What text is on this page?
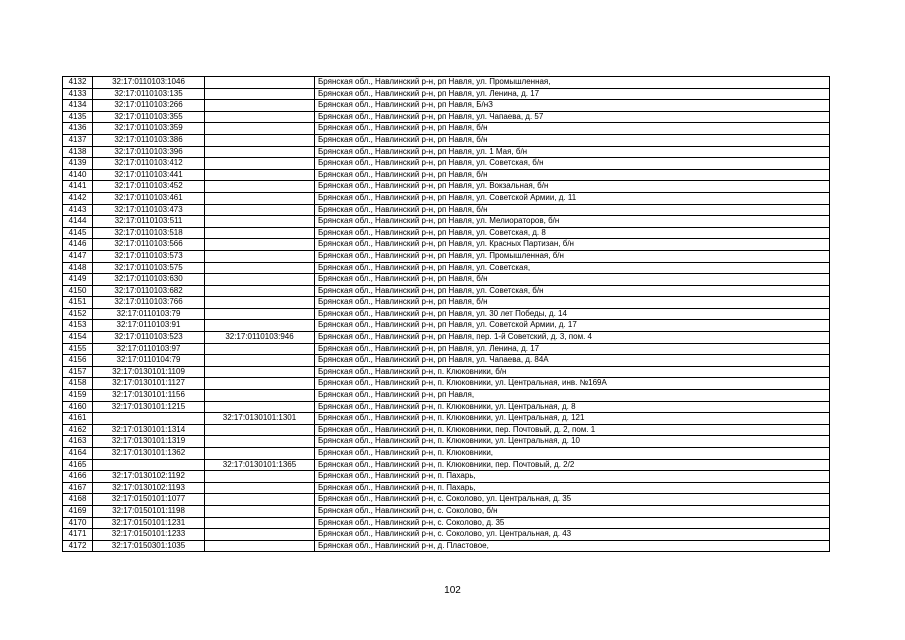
4132	32:17:0110103:1046		Брянская обл., Навлинский р-н, рп Навля, ул. Промышленная,
4133	32:17:0110103:135		Брянская обл., Навлинский р-н, рп Навля, ул. Ленина, д. 17
4134	32:17:0110103:266		Брянская обл., Навлинский р-н, рп Навля, Б/нЗ
4135	32:17:0110103:355		Брянская обл., Навлинский р-н, рп Навля, ул. Чапаева, д. 57
4136	32:17:0110103:359		Брянская обл., Навлинский р-н, рп Навля, б/н
4137	32:17:0110103:386		Брянская обл., Навлинский р-н, рп Навля, б/н
4138	32:17:0110103:396		Брянская обл., Навлинский р-н, рп Навля, ул. 1 Мая, б/н
4139	32:17:0110103:412		Брянская обл., Навлинский р-н, рп Навля, ул. Советская, б/н
4140	32:17:0110103:441		Брянская обл., Навлинский р-н, рп Навля, б/н
4141	32:17:0110103:452		Брянская обл., Навлинский р-н, рп Навля, ул. Вокзальная, б/н
4142	32:17:0110103:461		Брянская обл., Навлинский р-н, рп Навля, ул. Советской Армии, д. 11
4143	32:17:0110103:473		Брянская обл., Навлинский р-н, рп Навля, б/н
4144	32:17:0110103:511		Брянская обл., Навлинский р-н, рп Навля, ул. Мелиораторов, б/н
4145	32:17:0110103:518		Брянская обл., Навлинский р-н, рп Навля, ул. Советская, д. 8
4146	32:17:0110103:566		Брянская обл., Навлинский р-н, рп Навля, ул. Красных Партизан, б/н
4147	32:17:0110103:573		Брянская обл., Навлинский р-н, рп Навля, ул. Промышленная, б/н
4148	32:17:0110103:575		Брянская обл., Навлинский р-н, рп Навля, ул. Советская,
4149	32:17:0110103:630		Брянская обл., Навлинский р-н, рп Навля, б/н
4150	32:17:0110103:682		Брянская обл., Навлинский р-н, рп Навля, ул. Советская, б/н
4151	32:17:0110103:766		Брянская обл., Навлинский р-н, рп Навля, б/н
4152	32:17:0110103:79		Брянская обл., Навлинский р-н, рп Навля, ул. 30 лет Победы, д. 14
4153	32:17:0110103:91		Брянская обл., Навлинский р-н, рп Навля, ул. Советской Армии, д. 17
4154	32:17:0110103:523	32:17:0110103:946	Брянская обл., Навлинский р-н, рп Навля, пер. 1-й Советский, д. 3, пом. 4
4155	32:17:0110103:97		Брянская обл., Навлинский р-н, рп Навля, ул. Ленина, д. 17
4156	32:17:0110104:79		Брянская обл., Навлинский р-н, рп Навля, ул. Чапаева, д. 84А
4157	32:17:0130101:1109		Брянская обл., Навлинский р-н, п. Клюковники, б/н
4158	32:17:0130101:1127		Брянская обл., Навлинский р-н, п. Клюковники, ул. Центральная, инв. №169А
4159	32:17:0130101:1156		Брянская обл., Навлинский р-н, рп Навля,
4160	32:17:0130101:1215		Брянская обл., Навлинский р-н, п. Клюковники, ул. Центральная, д. 8
4161		32:17:0130101:1301	Брянская обл., Навлинский р-н, п. Клюковники, ул. Центральная, д. 121
4162	32:17:0130101:1314		Брянская обл., Навлинский р-н, п. Клюковники, пер. Почтовый, д. 2, пом. 1
4163	32:17:0130101:1319		Брянская обл., Навлинский р-н, п. Клюковники, ул. Центральная, д. 10
4164	32:17:0130101:1362		Брянская обл., Навлинский р-н, п. Клюковники,
4165		32:17:0130101:1365	Брянская обл., Навлинский р-н, п. Клюковники, пер. Почтовый, д. 2/2
4166	32:17:0130102:1192		Брянская обл., Навлинский р-н, п. Пахарь,
4167	32:17:0130102:1193		Брянская обл., Навлинский р-н, п. Пахарь,
4168	32:17:0150101:1077		Брянская обл., Навлинский р-н, с. Соколово, ул. Центральная, д. 35
4169	32:17:0150101:1198		Брянская обл., Навлинский р-н, с. Соколово, б/н
4170	32:17:0150101:1231		Брянская обл., Навлинский р-н, с. Соколово, д. 35
4171	32:17:0150101:1233		Брянская обл., Навлинский р-н, с. Соколово, ул. Центральная, д. 43
4172	32:17:0150301:1035		Брянская обл., Навлинский р-н, д. Пластовое,
102
